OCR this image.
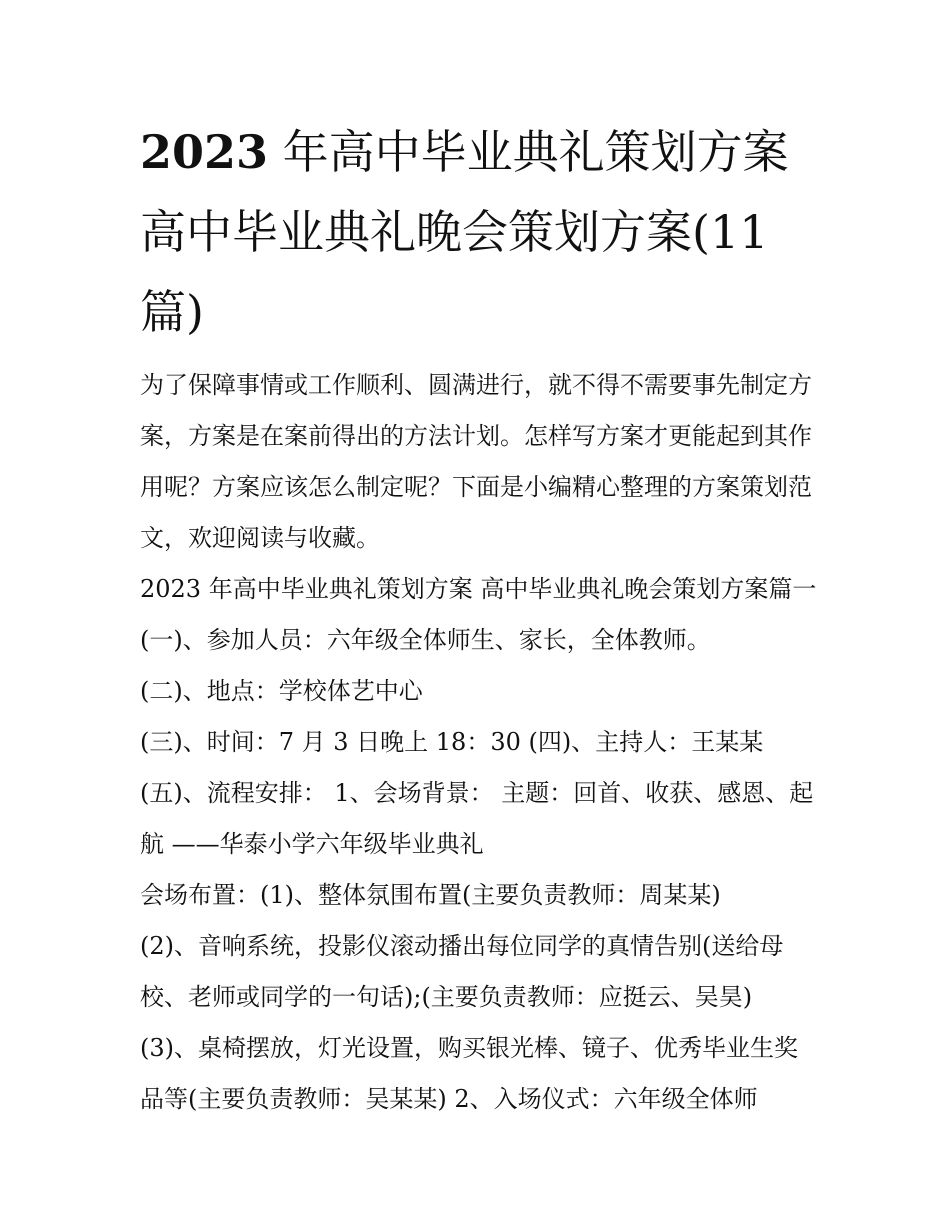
2023 年高中毕业典礼策划方案高中毕业典礼晚会策划方案(11篇)

为了保障事情或工作顺利、圆满进行，就不得不需要事先制定方案，方案是在案前得出的方法计划。怎样写方案才更能起到其作用呢？方案应该怎么制定呢？下面是小编精心整理的方案策划范文，欢迎阅读与收藏。

2023 年高中毕业典礼策划方案 高中毕业典礼晚会策划方案篇一 (一)、参加人员：六年级全体师生、家长，全体教师。

(二)、地点：学校体艺中心

(三)、时间：7 月 3 日晚上 18：30 (四)、主持人：王某某

(五)、流程安排： 1、会场背景： 主题：回首、收获、感恩、起航 ——华泰小学六年级毕业典礼

会场布置：(1)、整体氛围布置(主要负责教师：周某某)

(2)、音响系统，投影仪滚动播出每位同学的真情告别(送给母校、老师或同学的一句话);(主要负责教师：应挺云、吴昊)

(3)、桌椅摆放，灯光设置，购买银光棒、镜子、优秀毕业生奖品等(主要负责教师：吴某某) 2、入场仪式：六年级全体师
